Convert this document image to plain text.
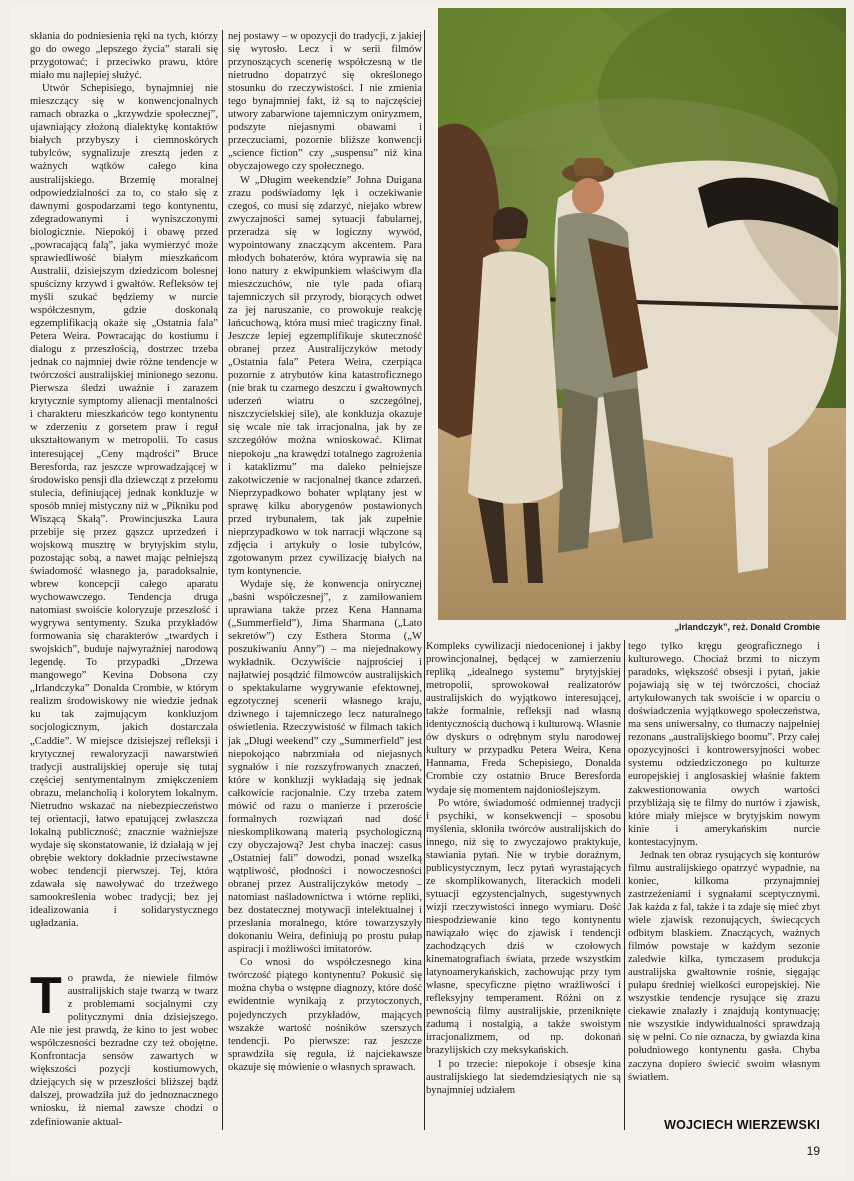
skłania do podniesienia ręki na tych, którzy go do owego „lepszego życia” starali się przygotować; i przeciwko prawu, które miało mu najlepiej służyć.

Utwór Schepisiego, bynajmniej nie mieszczący się w konwencjonalnych ramach obrazka o „krzywdzie społecznej”, ujawniający złożoną dialektykę kontaktów białych przybyszy i ciemnoskórych tubylców, sygnalizuje zresztą jeden z ważnych wątków całego kina australijskiego. Brzemię moralnej odpowiedzialności za to, co stało się z dawnymi gospodarzami tego kontynentu, zdegradowanymi i wyniszczonymi biologicznie. Niepokój i obawę przed „powracającą falą”, jaka wymierzyć może sprawiedliwość białym mieszkańcom Australii, dzisiejszym dziedzicom bolesnej spuścizny krzywd i gwałtów. Refleksów tej myśli szukać będziemy w nurcie współczesnym, gdzie doskonałą egzemplifikacją okaże się „Ostatnia fala” Petera Weira. Powracając do kostiumu i dialogu z przeszłością, dostrzec trzeba jednak co najmniej dwie różne tendencje w twórczości australijskiej minionego sezonu. Pierwsza śledzi uważnie i zarazem krytycznie symptomy alienacji mentalności i charakteru mieszkańców tego kontynentu w zderzeniu z gorsetem praw i reguł ukształtowanym w metropolii. To casus interesującej „Ceny mądrości” Bruce Beresforda, raz jeszcze wprowadzającej w środowisko pensji dla dziewcząt z przełomu stulecia, definiującej jednak konkluzje w sposób mniej mistyczny niż w „Pikniku pod Wiszącą Skałą”. Prowincjuszka Laura przebije się przez gąszcz uprzedzeń i wojskową musztrę w brytyjskim stylu, pozostając sobą, a nawet mając pełniejszą świadomość własnego ja, paradoksalnie, wbrew koncepcji całego aparatu wychowawczego. Tendencja druga natomiast swoiście koloryzuje przeszłość i wygrywa sentymenty. Szuka przykładów formowania się charakterów „twardych i swojskich”, buduje najwyraźniej narodową legendę. To przypadki „Drzewa mangowego” Kevina Dobsona czy „Irlandczyka” Donalda Crombie, w którym realizm środowiskowy nie wiedzie jednak ku tak zajmującym konkluzjom socjologicznym, jakich dostarczała „Caddie”. W miejsce dzisiejszej refleksji i krytycznej rewaloryzacji nawarstwień tradycji australijskiej operuje się tutaj częściej sentymentalnym zmiękczeniem obrazu, melancholią i kolorytem lokalnym. Nietrudno wskazać na niebezpieczeństwo tej orientacji, łatwo epatującej zwłaszcza lokalną publiczność; znacznie ważniejsze wydaje się skonstatowanie, iż działają w jej obrębie wektory dokładnie przeciwstawne wobec tendencji pierwszej. Tej, która zdawała się nawoływać do trzeźwego samookreślenia wobec tradycji; bez jej idealizowania i solidarystycznego ugładzania.

T o prawda, że niewiele filmów australijskich staje twarzą w twarz z problemami socjalnymi czy politycznymi dnia dzisiejszego. Ale nie jest prawdą, że kino to jest wobec współczesności bezradne czy też obojętne. Konfrontacja sensów zawartych w większości pozycji kostiumowych, dziejących się w przeszłości bliższej bądź dalszej, prowadziła już do jednoznacznego wniosku, iż niemal zawsze chodzi o zdefiniowanie aktual-

nej postawy – w opozycji do tradycji, z jakiej się wyrosło. Lecz i w serii filmów przynoszących scenerię współczesną w tle nietrudno dopatrzyć się określonego stosunku do rzeczywistości. I nie zmienia tego bynajmniej fakt, iż są to najczęściej utwory zabarwione tajemniczym oniryzmem, podszyte niejasnymi obawami i przeczuciami, pozornie bliższe konwencji „science fiction” czy „suspensu” niż kina obyczajowego czy społecznego.

W „Długim weekendzie” Johna Duigana zrazu podświadomy lęk i oczekiwanie czegoś, co musi się zdarzyć, niejako wbrew zwyczajności samej sytuacji fabularnej, przeradza się w logiczny wywód, wypointowany znaczącym akcentem. Para młodych bohaterów, która wyprawia się na łono natury z ekwipunkiem właściwym dla mieszczuchów, nie tyle pada ofiarą tajemniczych sił przyrody, biorących odwet za jej naruszanie, co prowokuje reakcję łańcuchową, która musi mieć tragiczny finał. Jeszcze lepiej egzemplifikuje skuteczność obranej przez Australijczyków metody „Ostatnia fala” Petera Weira, czerpiąca pozornie z atrybutów kina katastroficznego (nie brak tu czarnego deszczu i gwałtownych uderzeń wiatru o szczególnej, niszczycielskiej sile), ale konkluzja okazuje się wcale nie tak irracjonalna, jak by ze szczegółów można wnioskować. Klimat niepokoju „na krawędzi totalnego zagrożenia i kataklizmu” ma daleko pełniejsze zakotwiczenie w racjonalnej tkance zdarzeń. Nieprzypadkowo bohater wplątany jest w sprawę kilku aborygenów postawionych przed trybunałem, tak jak zupełnie nieprzypadkowo w tok narracji włączone są zdjęcia i artykuły o losie tubylców, zgotowanym przez cywilizację białych na tym kontynencie.

Wydaje się, że konwencja onirycznej „baśni współczesnej”, z zamiłowaniem uprawiana także przez Kena Hannama („Summerfield”), Jima Sharmana („Lato sekretów”) czy Esthera Storma („W poszukiwaniu Anny”) – ma niejednakowy wykładnik. Oczywiście najprościej i najłatwiej posądzić filmowców australijskich o spektakularne wygrywanie efektownej, egzotycznej scenerii własnego kraju, dziwnego i tajemniczego lecz naturalnego oświetlenia. Rzeczywistość w filmach takich jak „Długi weekend” czy „Summerfield” jest niepokojąco nabrzmiała od niejasnych sygnałów i nie rozszyfrowanych znaczeń, które w konkluzji wykładają się jednak całkowicie racjonalnie. Czy trzeba zatem mówić od razu o manierze i przeroście formalnych rozwiązań nad dość nieskomplikowaną materią psychologiczną czy obyczajową? Jest chyba inaczej: casus „Ostatniej fali” dowodzi, ponad wszelką wątpliwość, płodności i nowoczesności obranej przez Australijczyków metody – natomiast naśladownictwa i wtórne repliki, bez dostatecznej motywacji intelektualnej i przesłania moralnego, które towarzyszyły dokonaniu Weira, definiują po prostu pułap aspiracji i możliwości imitatorów.

Co wnosi do współczesnego kina twórczość piątego kontynentu? Pokusić się można chyba o wstępne diagnozy, które dość ewidentnie wynikają z przytoczonych, pojedynczych przykładów, mających wszakże wartość nośników szerszych tendencji. Po pierwsze: raz jeszcze sprawdziła się reguła, iż najciekawsze okazuje się mówienie o własnych sprawach.

„Irlandczyk”, reż. Donald Crombie

Kompleks cywilizacji niedocenionej i jakby prowincjonalnej, będącej w zamierzeniu repliką „idealnego systemu” brytyjskiej metropolii, sprowokował realizatorów australijskich do wyjątkowo interesującej, także formalnie, refleksji nad własną identycznością duchową i kulturową. Własnie ów dyskurs o odrębnym stylu narodowej kultury w przypadku Petera Weira, Kena Hannama, Freda Schepisiego, Donalda Crombie czy ostatnio Bruce Beresforda wydaje się momentem najdonioślejszym.

Po wtóre, świadomość odmiennej tradycji i psychiki, w konsekwencji – sposobu myślenia, skłoniła twórców australijskich do innego, niż się to zwyczajowo praktykuje, stawiania pytań. Nie w trybie doraźnym, publicystycznym, lecz pytań wyrastających ze skomplikowanych, literackich modeli sytuacji egzystencjalnych, sugestywnych wizji rzeczywistości innego wymiaru. Dość niespodziewanie kino tego kontynentu nawiązało więc do zjawisk i tendencji zachodzących dziś w czołowych kinematografiach świata, przede wszystkim latynoamerykańskich, zachowując przy tym własne, specyficzne piętno wrażliwości i refleksyjny temperament. Różni on z pewnością filmy australijskie, przeniknięte zadumą i nostalgią, a także swoistym irracjonalizmem, od np. dokonań brazylijskich czy meksykańskich.

I po trzecie: niepokoje i obsesje kina australijskiego lat siedemdziesiątych nie są bynajmniej udziałem

tego tylko kręgu geograficznego i kulturowego. Chociaż brzmi to niczym paradoks, większość obsesji i pytań, jakie pojawiają się w tej twórczości, chociaż artykułowanych tak swoiście i w oparciu o doświadczenia wyjątkowego społeczeństwa, ma sens uniwersalny, co tłumaczy najpełniej rezonans „australijskiego boomu”. Przy całej opozycyjności i kontrowersyjności wobec systemu odziedziczonego po kulturze europejskiej i anglosaskiej właśnie faktem zakwestionowania owych wartości przybliżają się te filmy do nurtów i zjawisk, które miały miejsce w brytyjskim nowym kinie i amerykańskim nurcie kontestacyjnym.

Jednak ten obraz rysujących się konturów filmu australijskiego opatrzyć wypadnie, na koniec, kilkoma przynajmniej zastrzeżeniami i sygnałami sceptycznymi. Jak każda z fal, także i ta zdaje się mieć zbyt wiele zjawisk rezonujących, świecących odbitym blaskiem. Znaczących, ważnych filmów powstaje w każdym sezonie zaledwie kilka, tymczasem produkcja australijska gwałtownie rośnie, sięgając pułapu średniej wielkości europejskiej. Nie wszystkie tendencje rysujące się zrazu ciekawie znalazły i znajdują kontynuację; nie wszystkie indywidualności sprawdzają się w pełni. Co nie oznacza, by gwiazda kina południowego kontynentu gasła. Chyba zaczyna dopiero świecić swoim własnym światłem.

WOJCIECH WIERZEWSKI
19
